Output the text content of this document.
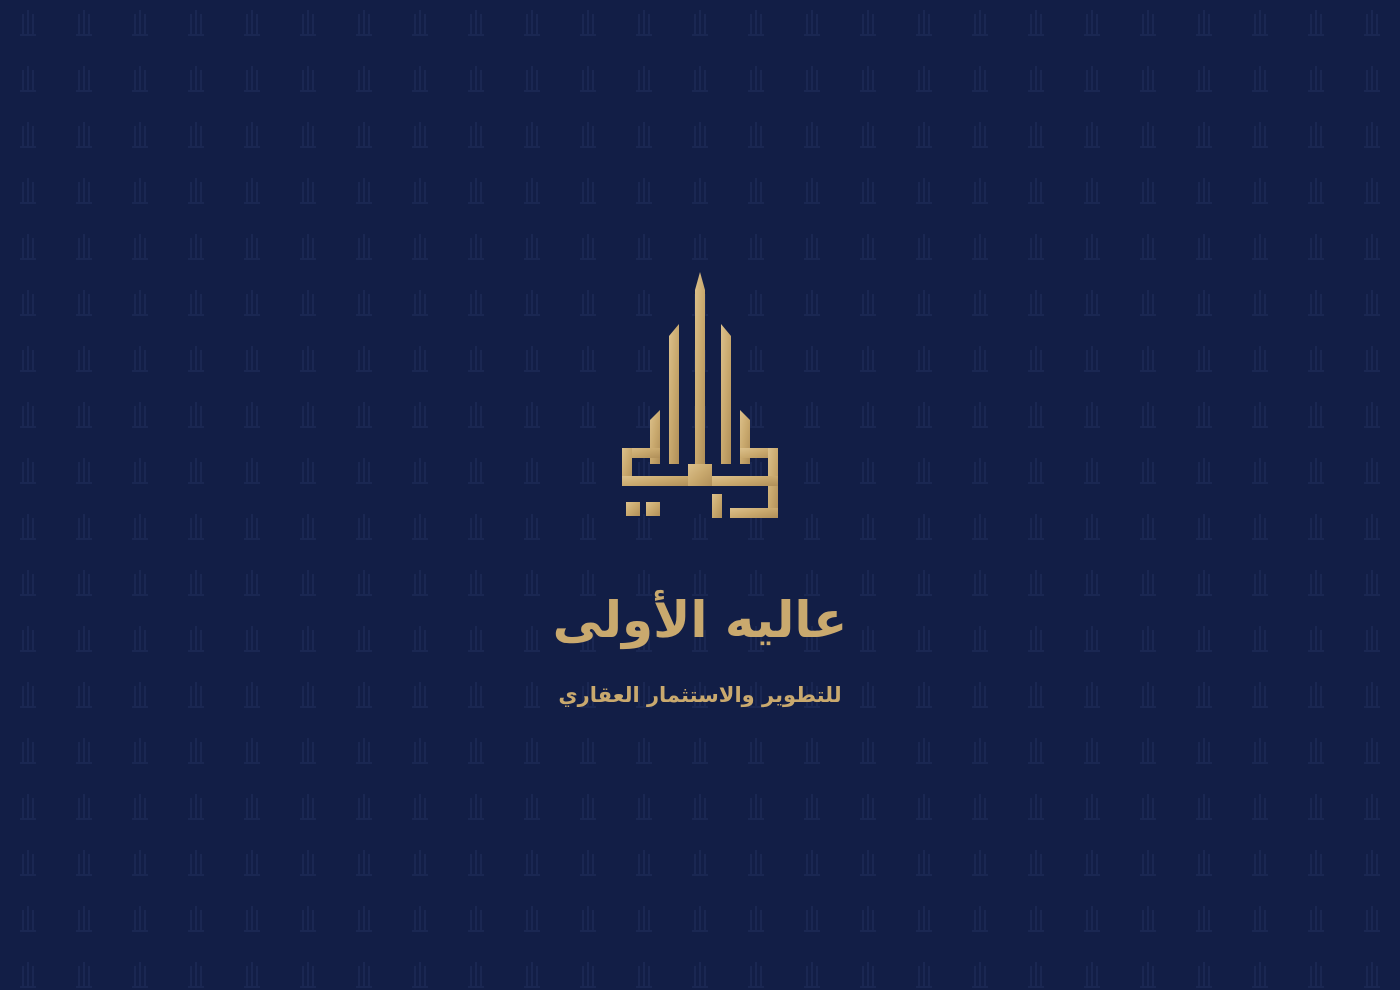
عاليه الأولى
للتطوير والاستثمار العقاري
